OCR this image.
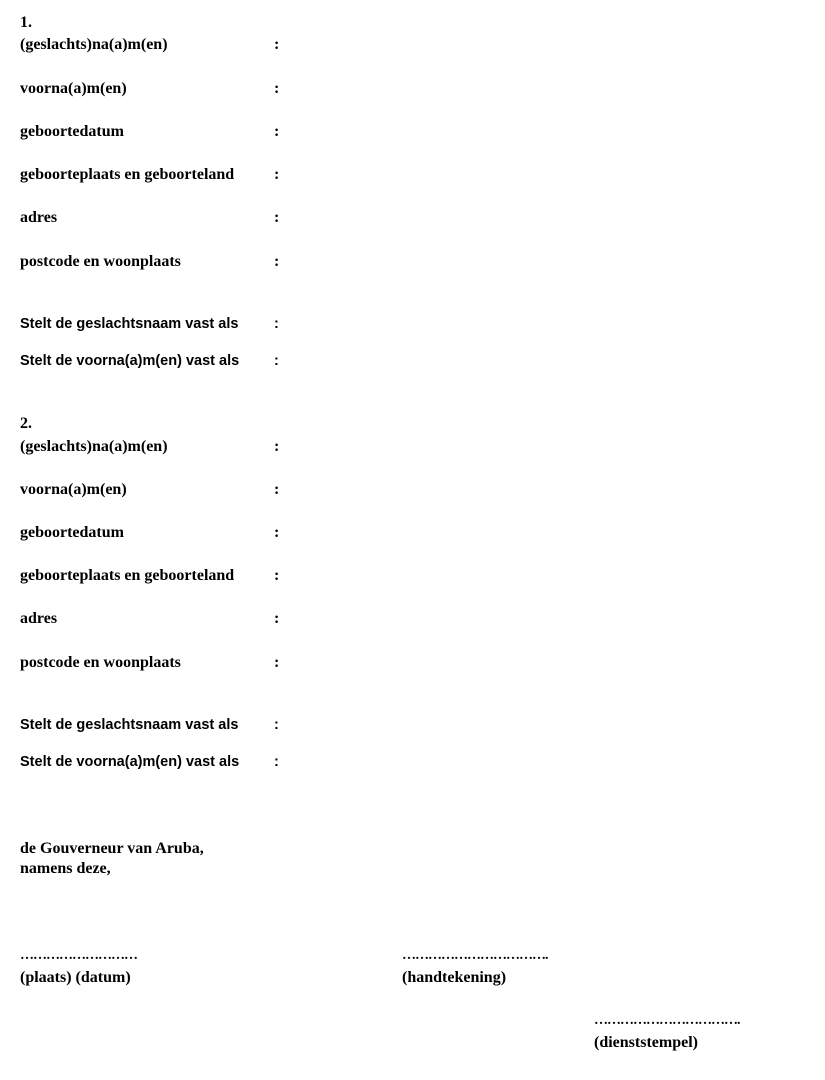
1.
(geslachts)na(a)m(en)	:
voorna(a)m(en)	:
geboortedatum	:
geboorteplaats en geboorteland :
adres	:
postcode en woonplaats	:
Stelt de geslachtsnaam vast als :
Stelt de voorna(a)m(en) vast als :
2.
(geslachts)na(a)m(en)	:
voorna(a)m(en)	:
geboortedatum	:
geboorteplaats en geboorteland :
adres	:
postcode en woonplaats	:
Stelt de geslachtsnaam vast als :
Stelt de voorna(a)m(en) vast als :
de Gouverneur van Aruba,
namens deze,
………………………
(plaats) (datum)
…………………………….
(handtekening)
…………………………….
(dienststempel)
